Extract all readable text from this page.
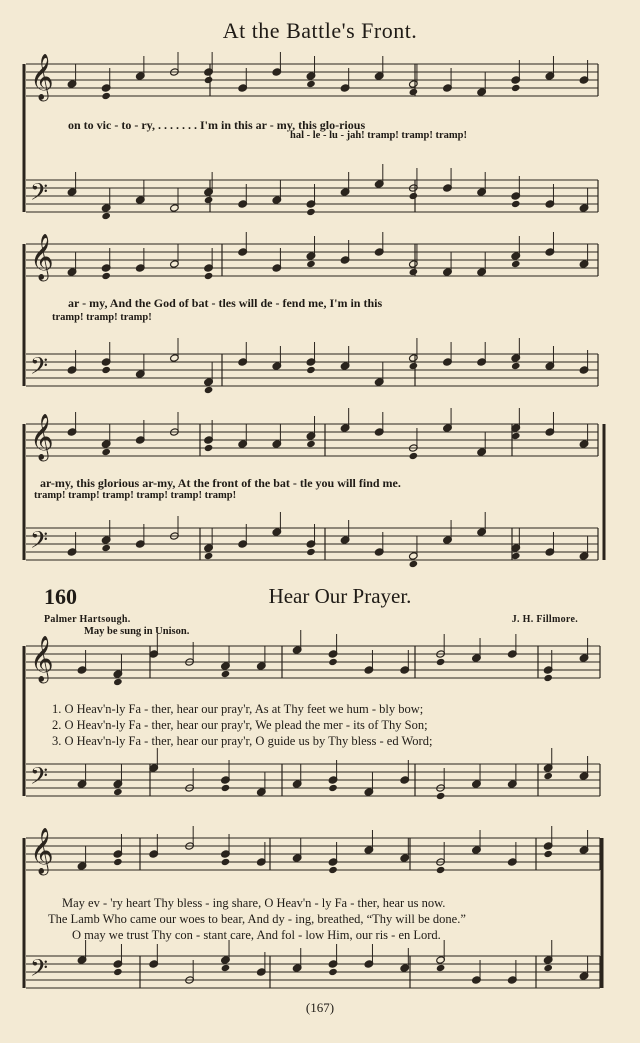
𝄞
𝄢
𝄞
𝄢
𝄞
𝄢
𝄞
𝄢
𝄞
𝄢
At the Battle's Front.
on to vic - to - ry, . . . . . . . I'm in this ar - my, this glo-rious
hal - le - lu - jah! tramp! tramp! tramp!
ar - my, And the God of bat - tles will de - fend me, I'm in this
tramp! tramp! tramp!
ar-my, this glorious ar-my, At the front of the bat - tle you will find me.
tramp! tramp! tramp! tramp! tramp! tramp!
160	Hear Our Prayer.
Palmer Hartsough.	J. H. Fillmore.
May be sung in Unison.
1. O Heav'n-ly Fa - ther, hear our pray'r, As at Thy feet we hum - bly bow;
2. O Heav'n-ly Fa - ther, hear our pray'r, We plead the mer - its of Thy Son;
3. O Heav'n-ly Fa - ther, hear our pray'r, O guide us by Thy bless - ed Word;
May ev - 'ry heart Thy bless - ing share, O Heav'n - ly Fa - ther, hear us now.
The Lamb Who came our woes to bear, And dy - ing, breathed, “Thy will be done.”
O may we trust Thy con - stant care, And fol - low Him, our ris - en Lord.
(167)
